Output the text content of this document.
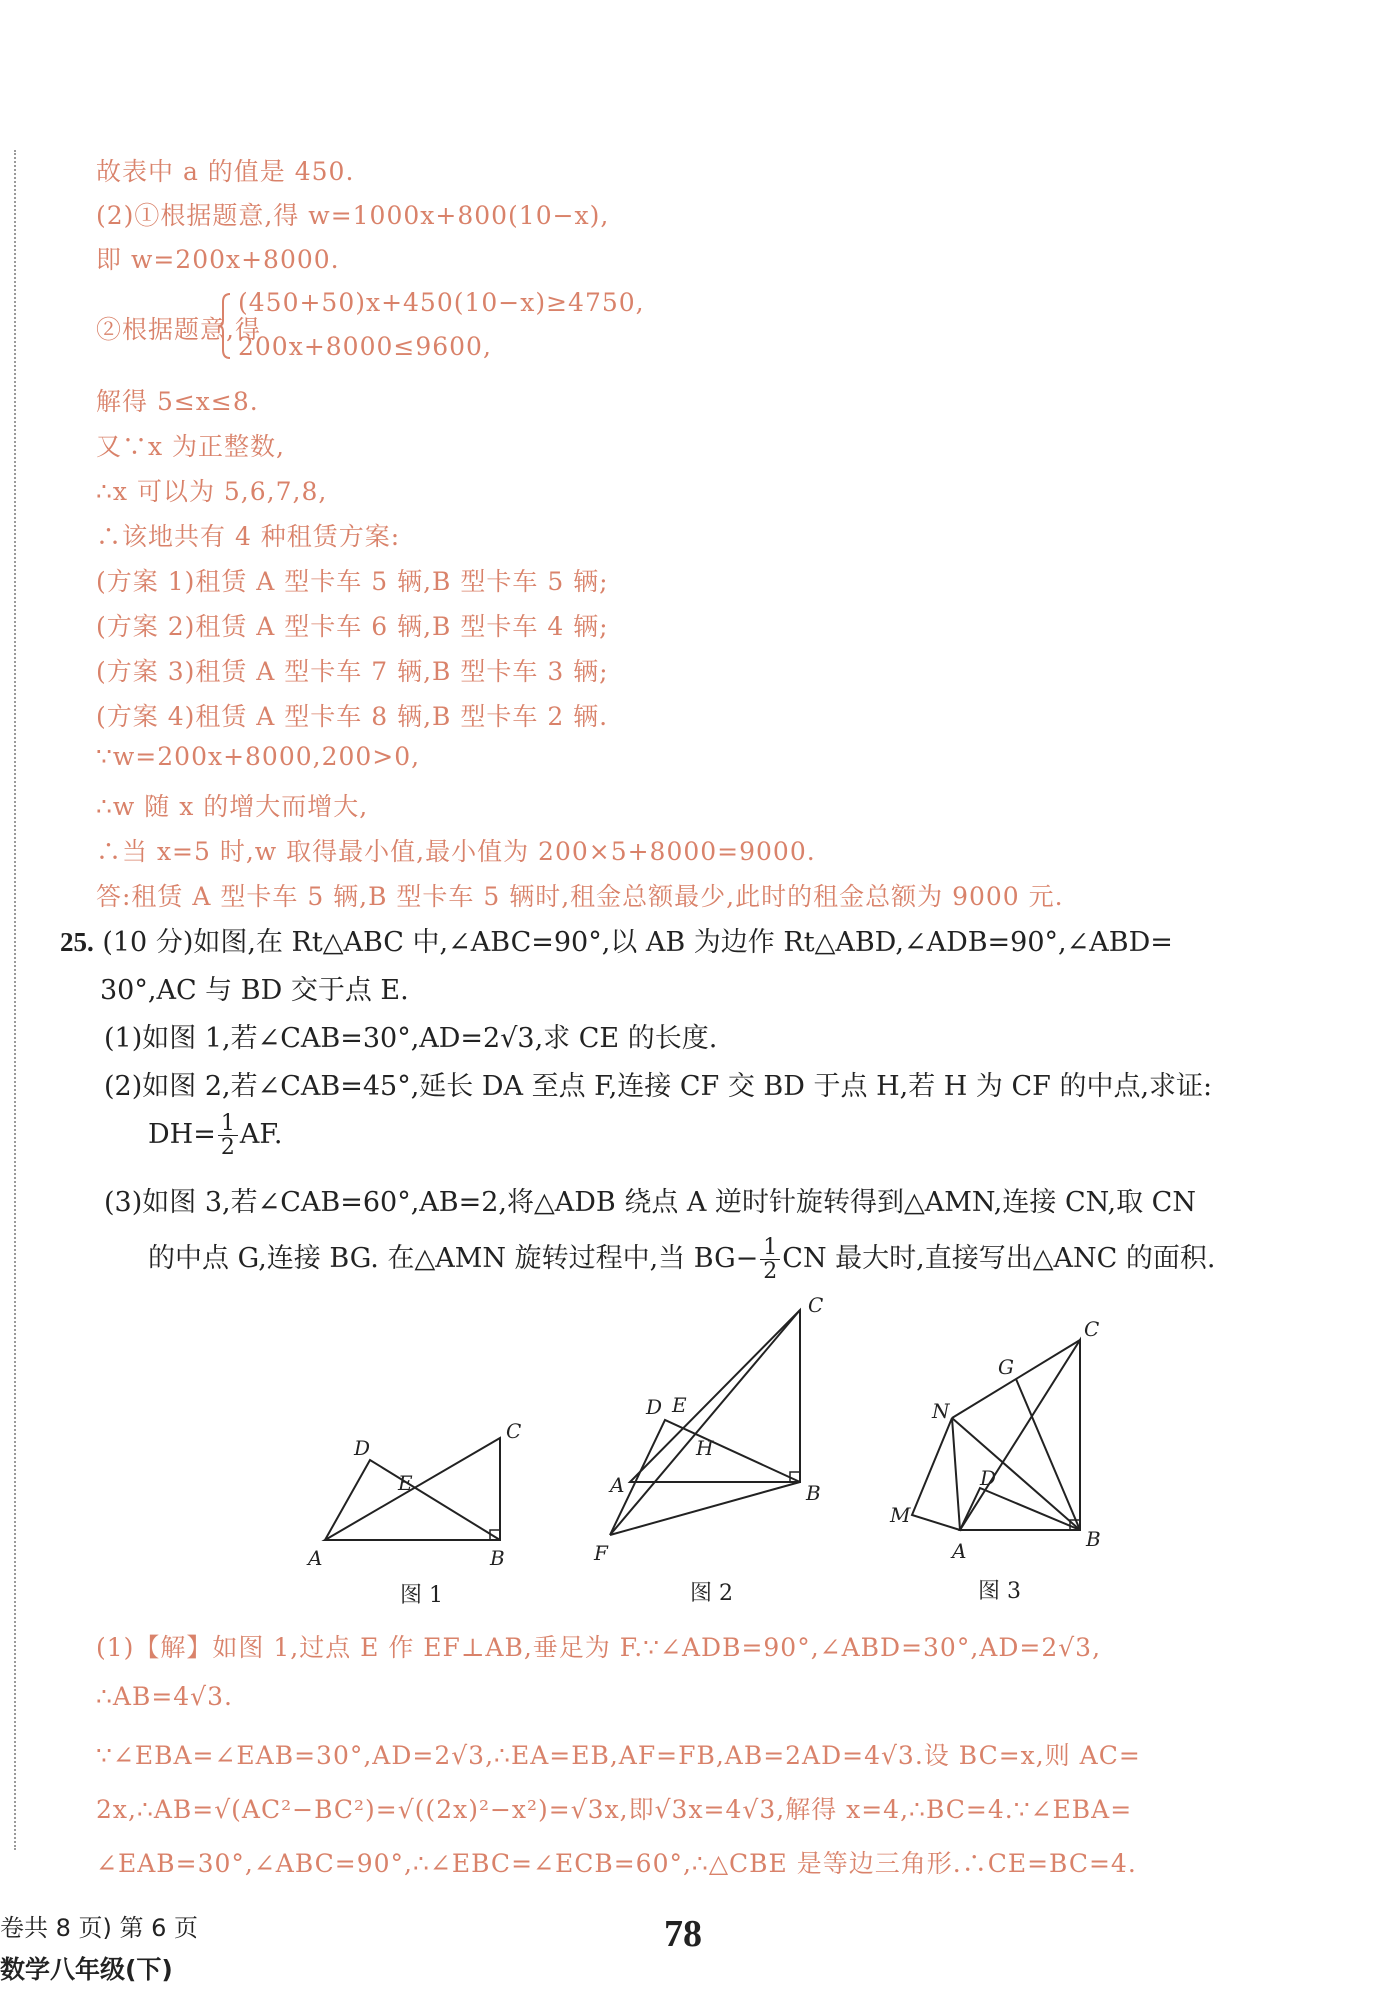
故表中 a 的值是 450.
(2)①根据题意,得 w=1000x+800(10−x),
即 w=200x+8000.
②根据题意,得
(450+50)x+450(10−x)≥4750,
200x+8000≤9600,
解得 5≤x≤8.
又∵x 为正整数,
∴x 可以为 5,6,7,8,
∴该地共有 4 种租赁方案:
(方案 1)租赁 A 型卡车 5 辆,B 型卡车 5 辆;
(方案 2)租赁 A 型卡车 6 辆,B 型卡车 4 辆;
(方案 3)租赁 A 型卡车 7 辆,B 型卡车 3 辆;
(方案 4)租赁 A 型卡车 8 辆,B 型卡车 2 辆.
∵w=200x+8000,200>0,
∴w 随 x 的增大而增大,
∴当 x=5 时,w 取得最小值,最小值为 200×5+8000=9000.
答:租赁 A 型卡车 5 辆,B 型卡车 5 辆时,租金总额最少,此时的租金总额为 9000 元.
25. (10 分)如图,在 Rt△ABC 中,∠ABC=90°,以 AB 为边作 Rt△ABD,∠ADB=90°,∠ABD=
30°,AC 与 BD 交于点 E.
(1)如图 1,若∠CAB=30°,AD=2√3,求 CE 的长度.
(2)如图 2,若∠CAB=45°,延长 DA 至点 F,连接 CF 交 BD 于点 H,若 H 为 CF 的中点,求证:
$DH= \frac{1}{2}$ AF.
(3)如图 3,若∠CAB=60°,AB=2,将△ADB 绕点 A 逆时针旋转得到△AMN,连接 CN,取 CN
的中点 G,连接 BG. 在△AMN 旋转过程中,当 $BG- \frac{1}{2}$ CN 最大时,直接写出△ANC 的面积.
A	B
C
D
E
图 1
A	B
C
D E
F
H
图 2
A	B
C
D
G
M
N
图 3
(1)【解】如图 1,过点 E 作 EF⊥AB,垂足为 F.∵∠ADB=90°,∠ABD=30°,AD=2√3,
∴AB=4√3.
∵∠EBA=∠EAB=30°,AD=2√3,∴EA=EB,AF=FB,AB=2AD=4√3.设 BC=x,则 AC=
2x,∴AB=√(AC²−BC²)=√((2x)²−x²)=√3x,即√3x=4√3,解得 x=4,∴BC=4.∵∠EBA=
∠EAB=30°,∠ABC=90°,∴∠EBC=∠ECB=60°,∴△CBE 是等边三角形.∴CE=BC=4.
卷共 8 页) 第 6 页
数学八年级(下)
78
